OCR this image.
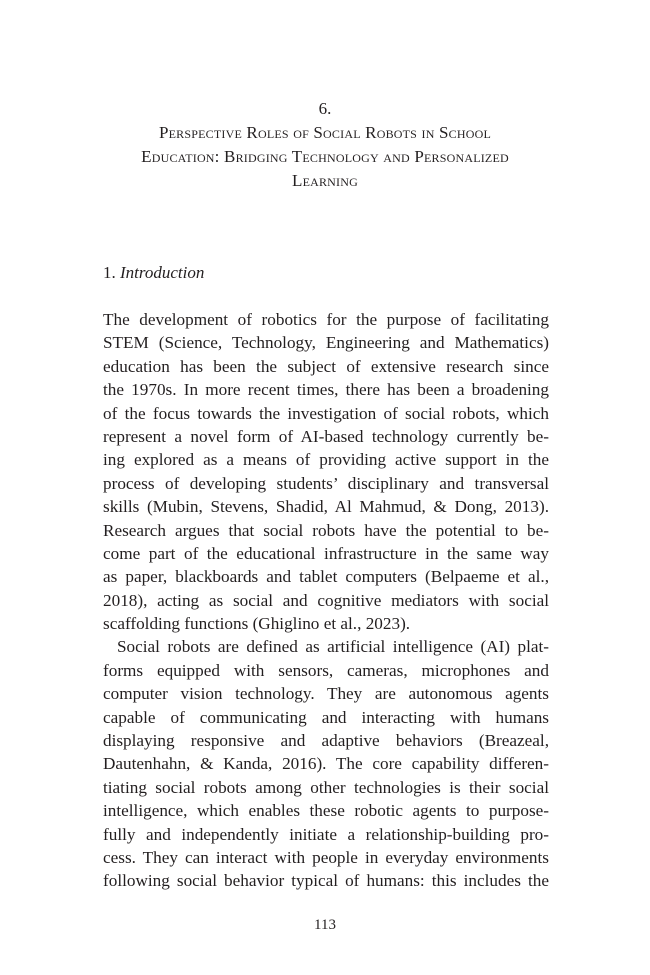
6.
Perspective Roles of Social Robots in School
Education: Bridging Technology and Personalized
Learning
1. Introduction
The development of robotics for the purpose of facilitating
STEM (Science, Technology, Engineering and Mathematics)
education has been the subject of extensive research since
the 1970s. In more recent times, there has been a broadening
of the focus towards the investigation of social robots, which
represent a novel form of AI-based technology currently be-
ing explored as a means of providing active support in the
process of developing students’ disciplinary and transversal
skills (Mubin, Stevens, Shadid, Al Mahmud, & Dong, 2013).
Research argues that social robots have the potential to be-
come part of the educational infrastructure in the same way
as paper, blackboards and tablet computers (Belpaeme et al.,
2018), acting as social and cognitive mediators with social
scaffolding functions (Ghiglino et al., 2023).
Social robots are defined as artificial intelligence (AI) plat-
forms equipped with sensors, cameras, microphones and
computer vision technology. They are autonomous agents
capable of communicating and interacting with humans
displaying responsive and adaptive behaviors (Breazeal,
Dautenhahn, & Kanda, 2016). The core capability differen-
tiating social robots among other technologies is their social
intelligence, which enables these robotic agents to purpose-
fully and independently initiate a relationship-building pro-
cess. They can interact with people in everyday environments
following social behavior typical of humans: this includes the
113
